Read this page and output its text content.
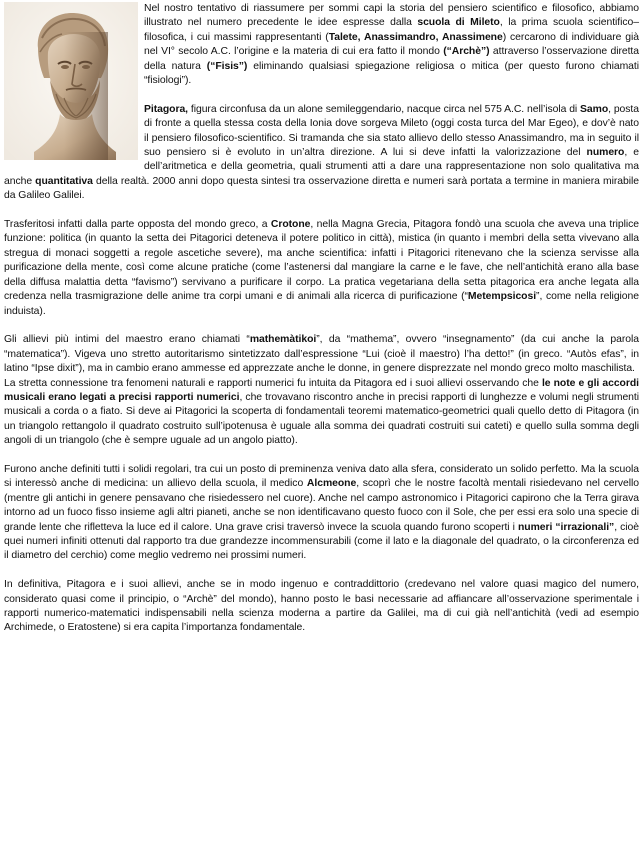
Nel nostro tentativo di riassumere per sommi capi la storia del pensiero scientifico e filosofico, abbiamo illustrato nel numero precedente le idee espresse dalla scuola di Mileto, la prima scuola scientifico–filosofica, i cui massimi rappresentanti (Talete, Anassimandro, Anassimene) cercarono di individuare già nel VI° secolo A.C. l’origine e la materia di cui era fatto il mondo (“Archè”) attraverso l’osservazione diretta della natura (“Fisis”) eliminando qualsiasi spiegazione religiosa o mitica (per questo furono chiamati “fisiologi”).

Pitagora, figura circonfusa da un alone semileggendario, nacque circa nel 575 A.C. nell’isola di Samo, posta di fronte a quella stessa costa della Ionia dove sorgeva Mileto (oggi costa turca del Mar Egeo), e dov’è nato il pensiero filosofico-scientifico. Si tramanda che sia stato allievo dello stesso Anassimandro, ma in seguito il suo pensiero si è evoluto in un’altra direzione. A lui si deve infatti la valorizzazione del numero, e dell’aritmetica e della geometria, quali strumenti atti a dare una rappresentazione non solo qualitativa ma anche quantitativa della realtà. 2000 anni dopo questa sintesi tra osservazione diretta e numeri sarà portata a termine in maniera mirabile da Galileo Galilei.

Trasferitosi infatti dalla parte opposta del mondo greco, a Crotone, nella Magna Grecia, Pitagora fondò una scuola che aveva una triplice funzione: politica (in quanto la setta dei Pitagorici deteneva il potere politico in città), mistica (in quanto i membri della setta vivevano alla stregua di monaci soggetti a regole ascetiche severe), ma anche scientifica: infatti i Pitagorici ritenevano che la scienza servisse alla purificazione della mente, così come alcune pratiche (come l’astenersi dal mangiare la carne e le fave, che nell’antichità erano alla base della diffusa malattia detta “favismo”) servivano a purificare il corpo. La pratica vegetariana della setta pitagorica era anche legata alla credenza nella trasmigrazione delle anime tra corpi umani e di animali alla ricerca di purificazione (“Metempsicosi”, come nella religione induista).

Gli allievi più intimi del maestro erano chiamati “mathemàtikoi”, da “mathema”, ovvero “insegnamento” (da cui anche la parola “matematica”). Vigeva uno stretto autoritarismo sintetizzato dall’espressione “Lui (cioè il maestro) l’ha detto!” (in greco. “Autòs efas”, in latino “Ipse dixit”), ma in cambio erano ammesse ed apprezzate anche le donne, in genere disprezzate nel mondo greco molto maschilista.

La stretta connessione tra fenomeni naturali e rapporti numerici fu intuita da Pitagora ed i suoi allievi osservando che le note e gli accordi musicali erano legati a precisi rapporti numerici, che trovavano riscontro anche in precisi rapporti di lunghezze e volumi negli strumenti musicali a corda o a fiato. Si deve ai Pitagorici la scoperta di fondamentali teoremi matematico-geometrici quali quello detto di Pitagora (in un triangolo rettangolo il quadrato costruito sull’ipotenusa è uguale alla somma dei quadrati costruiti sui cateti) e quello sulla somma degli angoli di un triangolo (che è sempre uguale ad un angolo piatto).

Furono anche definiti tutti i solidi regolari, tra cui un posto di preminenza veniva dato alla sfera, considerato un solido perfetto. Ma la scuola si interessò anche di medicina: un allievo della scuola, il medico Alcmeone, scoprì che le nostre facoltà mentali risiedevano nel cervello (mentre gli antichi in genere pensavano che risiedessero nel cuore). Anche nel campo astronomico i Pitagorici capirono che la Terra girava intorno ad un fuoco fisso insieme agli altri pianeti, anche se non identificavano questo fuoco con il Sole, che per essi era solo una specie di grande lente che rifletteva la luce ed il calore. Una grave crisi traversò invece la scuola quando furono scoperti i numeri “irrazionali”, cioè quei numeri infiniti ottenuti dal rapporto tra due grandezze incommensurabili (come il lato e la diagonale del quadrato, o la circonferenza ed il diametro del cerchio) come meglio vedremo nei prossimi numeri.

In definitiva, Pitagora e i suoi allievi, anche se in modo ingenuo e contraddittorio (credevano nel valore quasi magico del numero, considerato quasi come il principio, o “Archè” del mondo), hanno posto le basi necessarie ad affiancare all’osservazione sperimentale i rapporti numerico-matematici indispensabili nella scienza moderna a partire da Galilei, ma di cui già nell’antichità (vedi ad esempio Archimede, o Eratostene) si era capita l’importanza fondamentale.
